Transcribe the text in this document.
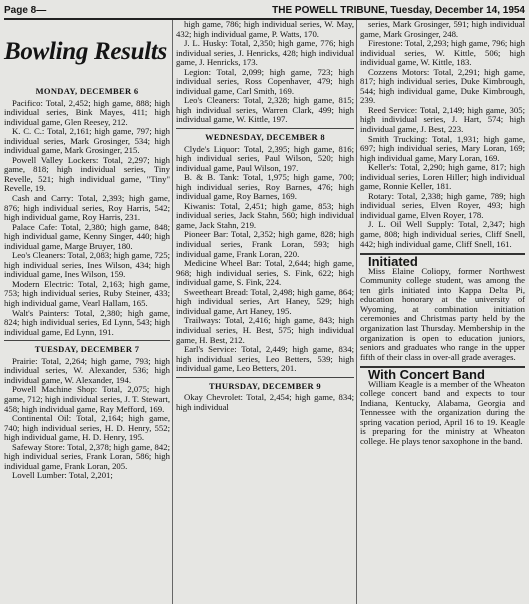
Page 8—	THE POWELL TRIBUNE, Tuesday, December 14, 1954
Bowling Results

MONDAY, DECEMBER 6

Pacifico: Total, 2,452; high game, 888; high individual series, Bink Mayes, 411; high individual game, Glen Reesey, 212.

K. C. C.: Total, 2,161; high game, 797; high individual series, Mark Grosinger, 534; high individual game, Mark Grosinger, 215.

Powell Valley Lockers: Total, 2,297; high game, 818; high individual series, Tiny Revelle, 521; high individual game, "Tiny" Revelle, 19.

Cash and Carry: Total, 2,393; high game, 876; high individual series, Roy Harris, 542; high individual game, Roy Harris, 231.

Palace Cafe: Total, 2,380; high game, 848; high individual game, Kenny Singer, 440; high individual game, Marge Bruyer, 180.

Leo's Cleaners: Total, 2,083; high game, 725; high individual series, Ines Wilson, 434; high individual game, Ines Wilson, 159.

Modern Electric: Total, 2,163; high game, 753; high individual series, Ruby Steiner, 433; high individual game, Vearl Hallam, 165.

Walt's Painters: Total, 2,380; high game, 824; high individual series, Ed Lynn, 543; high individual game, Ed Lynn, 191.

TUESDAY, DECEMBER 7

Prairie: Total, 2,264; high game, 793; high individual series, W. Alexander, 536; high individual game, W. Alexander, 194.

Powell Machine Shop: Total, 2,075; high game, 712; high individual series, J. T. Stewart, 458; high individual game, Ray Mefford, 169.

Continental Oil: Total, 2,164; high game, 740; high individual series, H. D. Henry, 552; high individual game, H. D. Henry, 195.

Safeway Store: Total, 2,378; high game, 842; high individual series, Frank Loran, 586; high individual game, Frank Loran, 205.

Lovell Lumber: Total, 2,201;

high game, 786; high individual series, W. May, 432; high individual game, P. Watts, 170.

J. L. Husky: Total, 2,350; high game, 776; high individual series, J. Henricks, 428; high individual game, J. Henricks, 173.

Legion: Total, 2,099; high game, 723; high individual series, Ross Copenhaver, 479; high individual game, Carl Smith, 169.

Leo's Cleaners: Total, 2,328; high game, 815; high individual series, Warren Clark, 499; high individual game, W. Kittle, 197.

WEDNESDAY, DECEMBER 8

Clyde's Liquor: Total, 2,395; high game, 816; high individual series, Paul Wilson, 520; high individual game, Paul Wilson, 197.

B. & B. Tank: Total, 1,975; high game, 700; high individual series, Roy Barnes, 476; high individual game, Roy Barnes, 169.

Kiwanis: Total, 2,451; high game, 853; high individual series, Jack Stahn, 560; high individual game, Jack Stahn, 219.

Pioneer Bar: Total, 2,352; high game, 828; high individual series, Frank Loran, 593; high individual game, Frank Loran, 220.

Medicine Wheel Bar: Total, 2,644; high game, 968; high individual series, S. Fink, 622; high individual game, S. Fink, 224.

Sweetheart Bread: Total, 2,498; high game, 864; high individual series, Art Haney, 529; high individual game, Art Haney, 195.

Trailways: Total, 2,416; high game, 843; high individual series, H. Best, 575; high individual game, H. Best, 212.

Earl's Service: Total, 2,449; high game, 834; high individual series, Leo Betters, 539; high individual game, Leo Betters, 201.

THURSDAY, DECEMBER 9

Okay Chevrolet: Total, 2,454; high game, 834; high individual

series, Mark Grosinger, 591; high individual game, Mark Grosinger, 248.

Firestone: Total, 2,293; high game, 796; high individual series, W. Kittle, 506; high individual game, W. Kittle, 183.

Cozzens Motors: Total, 2,291; high game, 817; high individual series, Duke Kimbrough, 544; high individual game, Duke Kimbrough, 239.

Reed Service: Total, 2,149; high game, 305; high individual series, J. Hart, 574; high individual game, J. Best, 223.

Smith Trucking: Total, 1,931; high game, 697; high individual series, Mary Loran, 169; high individual game, Mary Loran, 169.

Keller's: Total, 2,290; high game, 817; high individual series, Loren Hiller; high individual game, Ronnie Keller, 181.

Rotary: Total, 2,338; high game, 789; high individual series, Elven Royer, 493; high individual game, Elven Royer, 178.

J. L. Oil Well Supply: Total, 2,347; high game, 808; high individual series, Cliff Snell, 442; high individual game, Cliff Snell, 161.

Initiated

Miss Elaine Coliopy, former Northwest Community college student, was among the ten girls initiated into Kappa Delta Pi, education honorary at the university of Wyoming, at combination initiation ceremonies and Christmas party held by the organization last Thursday. Membership in the organization is open to education juniors, seniors and graduates who range in the upper fifth of their class in over-all grade averages.

With Concert Band

William Keagle is a member of the Wheaton college concert band and expects to tour Indiana, Kentucky, Alabama, Georgia and Tennessee with the organization during the spring vacation period, April 16 to 19. Keagle is preparing for the ministry at Wheaton college. He plays tenor saxophone in the band.
